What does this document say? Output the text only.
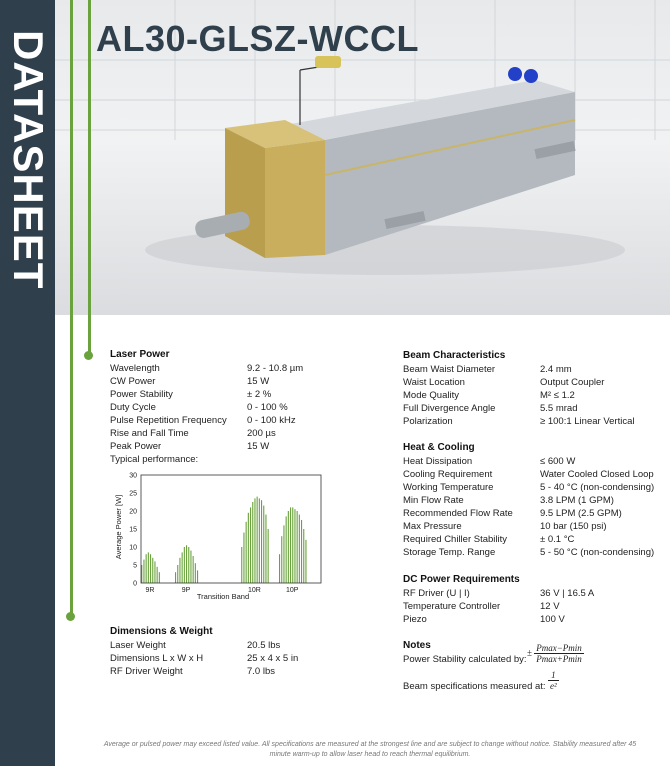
DATASHEET AL30-GLSZ-WCCL
Laser Power
Wavelength	9.2 - 10.8 µm
CW Power	15 W
Power Stability	± 2 %
Duty Cycle	0 - 100 %
Pulse Repetition Frequency 0 - 100 kHz
Rise and Fall Time	200 µs
Peak Power	15 W
Typical performance:
Average Power [W]
Transition Band
0
5
10
15
20
25
30
9R	9P	10R	10P
Dimensions & Weight
Laser Weight	20.5 lbs
Dimensions L x W x H	25 x 4 x 5 in
RF Driver Weight	7.0 lbs
Beam Characteristics
Beam Waist Diameter	2.4 mm
Waist Location	Output Coupler
Mode Quality	M² ≤ 1.2
Full Divergence Angle	5.5 mrad
Polarization	≥ 100:1 Linear Vertical
Heat & Cooling
Heat Dissipation	≤ 600 W
Cooling Requirement	Water Cooled Closed Loop
Working Temperature	5 - 40 °C (non-condensing)
Min Flow Rate	3.8 LPM (1 GPM)
Recommended Flow Rate	9.5 LPM (2.5 GPM)
Max Pressure	10 bar (150 psi)
Required Chiller Stability	± 0.1 °C
Storage Temp. Range	5 - 50 °C (non-condensing)
DC Power Requirements
RF Driver (U | I)	36 V | 16.5 A
Temperature Controller	12 V
Piezo	100 V
Notes
Power Stability calculated by:
± $\frac{Pmax-Pmin}{Pmax+Pmin}$
Beam specifications measured at: $\frac{1}{\text{e²}}$
Average or pulsed power may exceed listed value. All specifications are measured at the strongest line and are subject to change without notice. Stability measured after 45 minute warm-up to allow laser head to reach thermal equilibrium.
